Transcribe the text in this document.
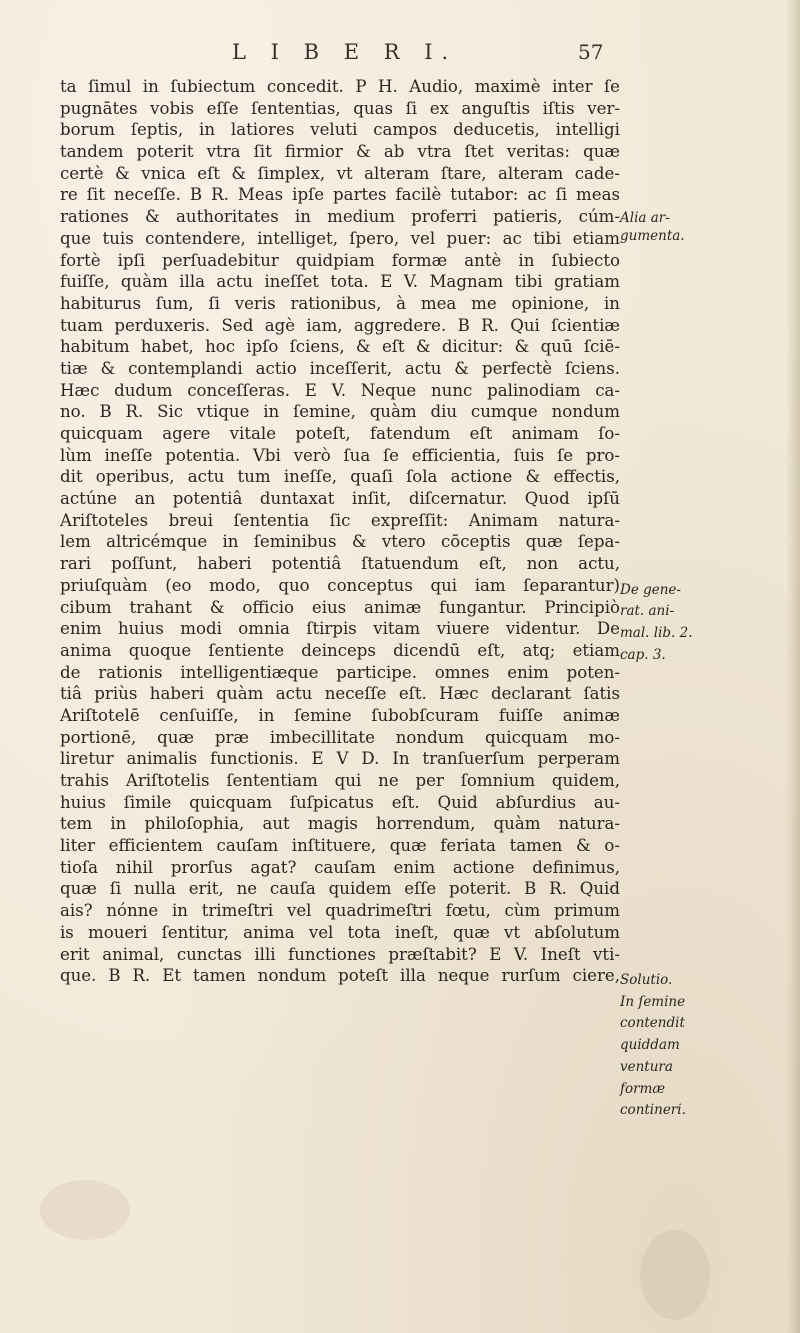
L I B E R I.	57
ta ſimul in ſubiectum concedit. P H. Audio, maximè inter ſe
pugnātes vobis eſſe ſententias, quas ſi ex anguſtis iſtis ver-
borum ſeptis, in latiores veluti campos deducetis, intelligi
tandem poterit vtra ſit firmior & ab vtra ſtet veritas: quæ
certè & vnica eſt & ſimplex, vt alteram ſtare, alteram cade-
re ſit neceſſe. B R. Meas ipſe partes facilè tutabor: ac ſi meas
rationes & authoritates in medium proferri patieris, cúm-
que tuis contendere, intelliget, ſpero, vel puer: ac tibi etiam
fortè ipſi perſuadebitur quidpiam formæ antè in ſubiecto
fuiſſe, quàm illa actu ineſſet tota. E V. Magnam tibi gratiam
habiturus ſum, ſi veris rationibus, à mea me opinione, in
tuam perduxeris. Sed agè iam, aggredere. B R. Qui ſcientiæ
habitum habet, hoc ipſo ſciens, & eſt & dicitur: & quū ſciē-
tiæ & contemplandi actio inceſſerit, actu & perfectè ſciens.
Hæc dudum conceſſeras. E V. Neque nunc palinodiam ca-
no. B R. Sic vtique in ſemine, quàm diu cumque nondum
quicquam agere vitale poteſt, fatendum eſt animam ſo-
lùm ineſſe potentia. Vbi verò ſua ſe efficientia, ſuis ſe pro-
dit operibus, actu tum ineſſe, quaſi ſola actione & effectis,
actúne an potentiâ duntaxat inſit, diſcernatur. Quod ipſū
Ariſtoteles breui ſententia ſic expreſſit: Animam natura-
lem altricémque in ſeminibus & vtero cōceptis quæ ſepa-
rari poſſunt, haberi potentiâ ſtatuendum eſt, non actu,
priuſquàm (eo modo, quo conceptus qui iam ſeparantur)
cibum trahant & officio eius animæ fungantur. Principiò
enim huius modi omnia ſtirpis vitam viuere videntur. De
anima quoque ſentiente deinceps dicendū eſt, atq; etiam
de rationis intelligentiæque participe. omnes enim poten-
tiâ priùs haberi quàm actu neceſſe eſt. Hæc declarant ſatis
Ariſtotelē cenſuiſſe, in ſemine ſubobſcuram fuiſſe animæ
portionē, quæ præ imbecillitate nondum quicquam mo-
liretur animalis functionis. E V D. In tranſuerſum perperam
trahis Ariſtotelis ſententiam qui ne per ſomnium quidem,
huius ſimile quicquam ſuſpicatus eſt. Quid abſurdius au-
tem in philoſophia, aut magis horrendum, quàm natura-
liter efficientem cauſam inſtituere, quæ feriata tamen & o-
tioſa nihil prorſus agat? cauſam enim actione definimus,
quæ ſi nulla erit, ne cauſa quidem eſſe poterit. B R. Quid
ais? nónne in trimeſtri vel quadrimeſtri fœtu, cùm primum
is moueri ſentitur, anima vel tota ineſt, quæ vt abſolutum
erit animal, cunctas illi functiones præſtabit? E V. Ineſt vti-
que. B R. Et tamen nondum poteſt illa neque rurſum ciere,
Alia ar-
gumenta.
De gene-
rat. ani-
mal. lib. 2.
cap. 3.
Solutio.
In ſemine
contendit
quiddam
ventura
formæ
contineri.
